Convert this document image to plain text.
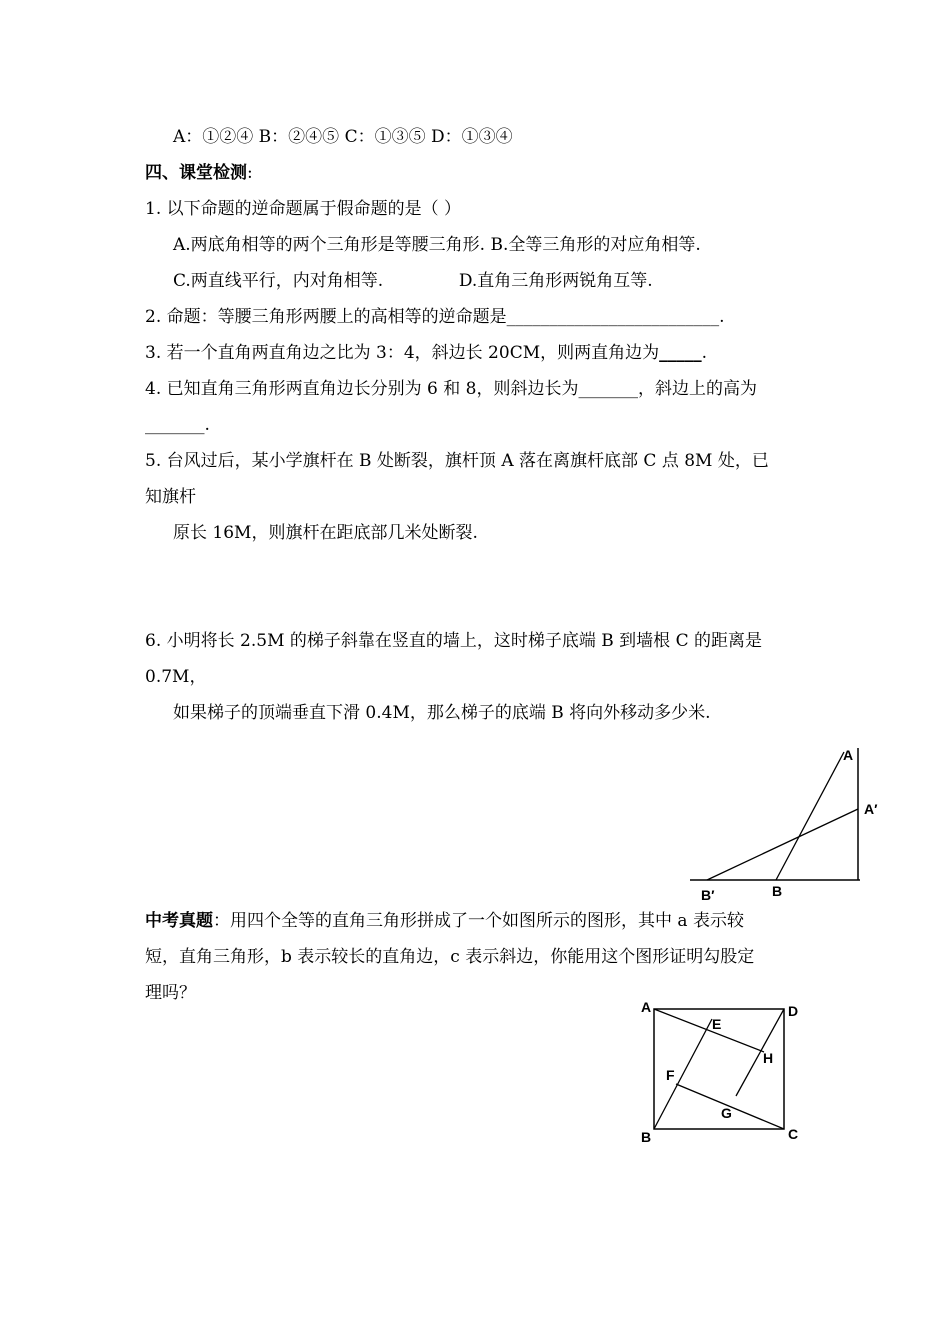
A：①②④ B：②④⑤ C：①③⑤ D：①③④
四、课堂检测:
1. 以下命题的逆命题属于假命题的是（ ）
A.两底角相等的两个三角形是等腰三角形. B.全等三角形的对应角相等.
C.两直线平行，内对角相等.              D.直角三角形两锐角互等.
2. 命题：等腰三角形两腰上的高相等的逆命题是_________________________.
3. 若一个直角两直角边之比为 3：4，斜边长 20CM，则两直角边为_____.
4. 已知直角三角形两直角边长分别为 6 和 8，则斜边长为_______，斜边上的高为
_______.
5. 台风过后，某小学旗杆在 B 处断裂，旗杆顶 A 落在离旗杆底部 C 点 8M 处，已
知旗杆
原长 16M，则旗杆在距底部几米处断裂.
6. 小明将长 2.5M 的梯子斜靠在竖直的墙上，这时梯子底端 B 到墙根 C 的距离是
0.7M，
如果梯子的顶端垂直下滑 0.4M，那么梯子的底端 B 将向外移动多少米.
A
A′
B′	B
中考真题：用四个全等的直角三角形拼成了一个如图所示的图形，其中 a 表示较
短，直角三角形，b 表示较长的直角边，c 表示斜边，你能用这个图形证明勾股定
理吗？
A	D
E
H
F
G
B	C
